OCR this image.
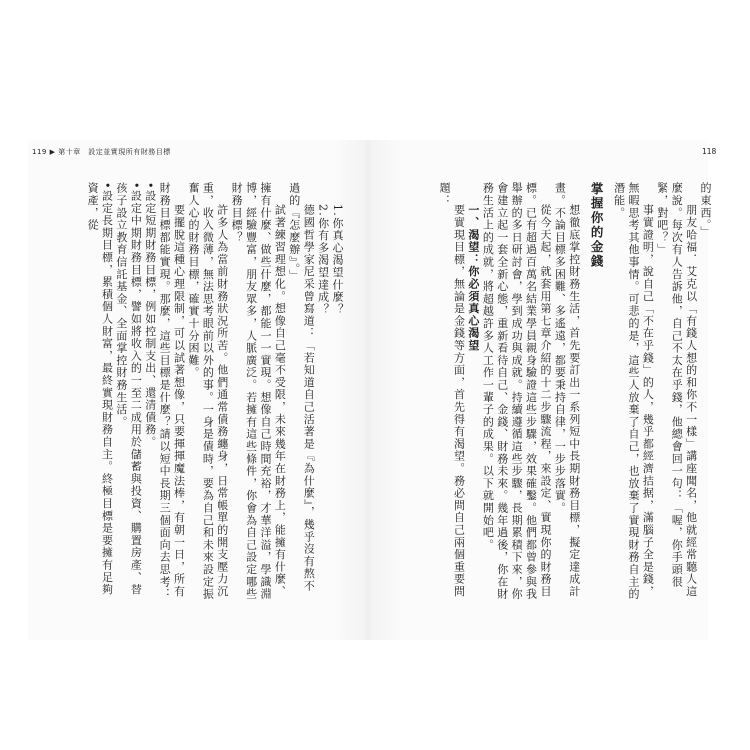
119 ▶ 第十章　設定並實現所有財務目標	118

的東西。」

朋友哈福．艾克以「有錢人想的和你不一樣」講座聞名，他就經常聽人這麼說。每次有人告訴他，自己不太在乎錢，他總會回一句：「喔，你手頭很緊，對吧？」

事實證明，說自己「不在乎錢」的人，幾乎都經濟拮据，滿腦子全是錢，無暇思考其他事情。可悲的是，這些人放棄了自己，也放棄了實現財務自主的潛能。

掌握你的金錢

想徹底掌控財務生活，首先要訂出一系列短中長期財務目標，擬定達成計畫。不論目標多困難、多遙遠，都要秉持自律，一步步落實。

從今天起，就套用第七章介紹的十二步驟流程，來設定、實現你的財務目標。已有超過百萬名結業學員親身驗證這些步驟，效果確鑿。他們都曾參與我舉辦的多日研討會，學到成功與成就。持續遵循這些步驟，長期累積下來，你會建立起一套全新心態，重新看待自己、金錢、財務未來。幾年過後，你在財務生活上的成就，將超越許多人工作一輩子的成果。以下就開始吧。

一、渴望：你必須真心渴望

要實現目標，無論是金錢等方面，首先得有渴望。務必問自己兩個重要問題：

1.你真心渴望什麼？

2.你有多渴望達成？

德國哲學家尼采曾寫道：「若知道自己活著是『為什麼』，幾乎沒有熬不過的『怎麼辦』。」

試著練習理想化。想像自己毫不受限，未來幾年在財務上，能擁有什麼、擁有什麼、做些什麼，都能一一實現。想像自己時間充裕，才華洋溢，學識淵博，經驗豐富，朋友眾多，人脈廣泛。若擁有這些條件，你會為自己設定哪些財務目標？

許多人為當前財務狀況所苦。他們通常債務纏身，日常帳單的開支壓力沉重，收入微薄，無法思考眼前以外的事。一身是債時，要為自己和未來設定振奮人心的財務目標，確實十分困難。

要擺脫這種心理限制，可以試著想像，只要揮揮魔法棒，有朝一日，所有財務目標都能實現。那麼，這些目標是什麼？請以短中長期三個面向去思考：

•設定短期財務目標，例如控制支出、還清債務。

•設定中期財務目標，譬如將收入的一至二成用於儲蓄與投資、購置房產、替孩子設立教育信託基金、全面掌控財務生活。

•設定長期目標，累積個人財富，最終實現財務自主。終極目標是要擁有足夠資產，從
